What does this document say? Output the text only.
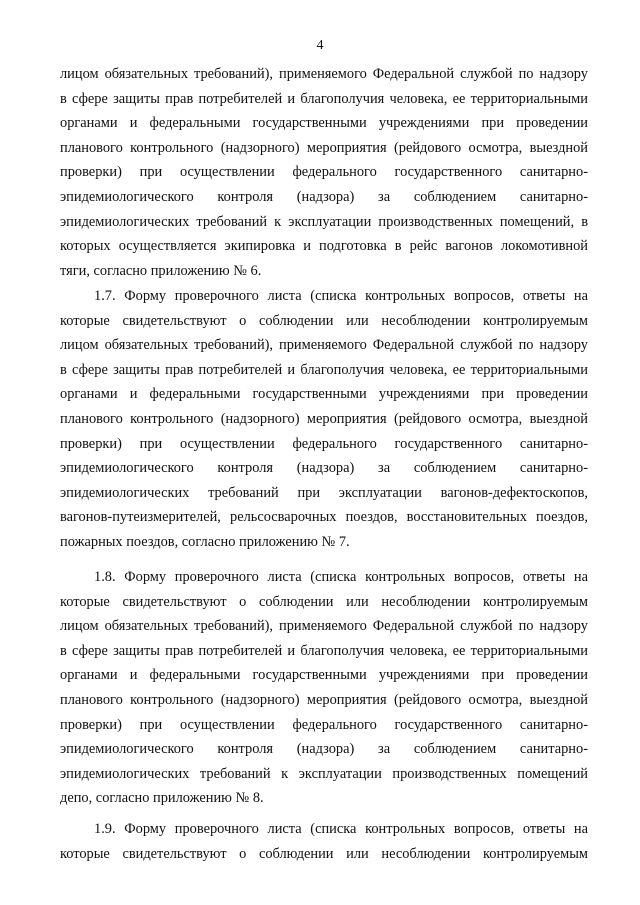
4
лицом обязательных требований), применяемого Федеральной службой по надзору
в сфере защиты прав потребителей и благополучия человека, ее территориальными
органами и федеральными государственными учреждениями при проведении
планового контрольного (надзорного) мероприятия (рейдового осмотра, выездной
проверки) при осуществлении федерального государственного санитарно-
эпидемиологического контроля (надзора) за соблюдением санитарно-
эпидемиологических требований к эксплуатации производственных помещений, в
которых осуществляется экипировка и подготовка в рейс вагонов локомотивной
тяги, согласно приложению № 6.
1.7. Форму проверочного листа (списка контрольных вопросов, ответы на
которые свидетельствуют о соблюдении или несоблюдении контролируемым
лицом обязательных требований), применяемого Федеральной службой по надзору
в сфере защиты прав потребителей и благополучия человека, ее территориальными
органами и федеральными государственными учреждениями при проведении
планового контрольного (надзорного) мероприятия (рейдового осмотра, выездной
проверки) при осуществлении федерального государственного санитарно-
эпидемиологического контроля (надзора) за соблюдением санитарно-
эпидемиологических требований при эксплуатации вагонов-дефектоскопов,
вагонов-путеизмерителей, рельсосварочных поездов, восстановительных поездов,
пожарных поездов, согласно приложению № 7.
1.8. Форму проверочного листа (списка контрольных вопросов, ответы на
которые свидетельствуют о соблюдении или несоблюдении контролируемым
лицом обязательных требований), применяемого Федеральной службой по надзору
в сфере защиты прав потребителей и благополучия человека, ее территориальными
органами и федеральными государственными учреждениями при проведении
планового контрольного (надзорного) мероприятия (рейдового осмотра, выездной
проверки) при осуществлении федерального государственного санитарно-
эпидемиологического контроля (надзора) за соблюдением санитарно-
эпидемиологических требований к эксплуатации производственных помещений
депо, согласно приложению № 8.
1.9. Форму проверочного листа (списка контрольных вопросов, ответы на
которые свидетельствуют о соблюдении или несоблюдении контролируемым
